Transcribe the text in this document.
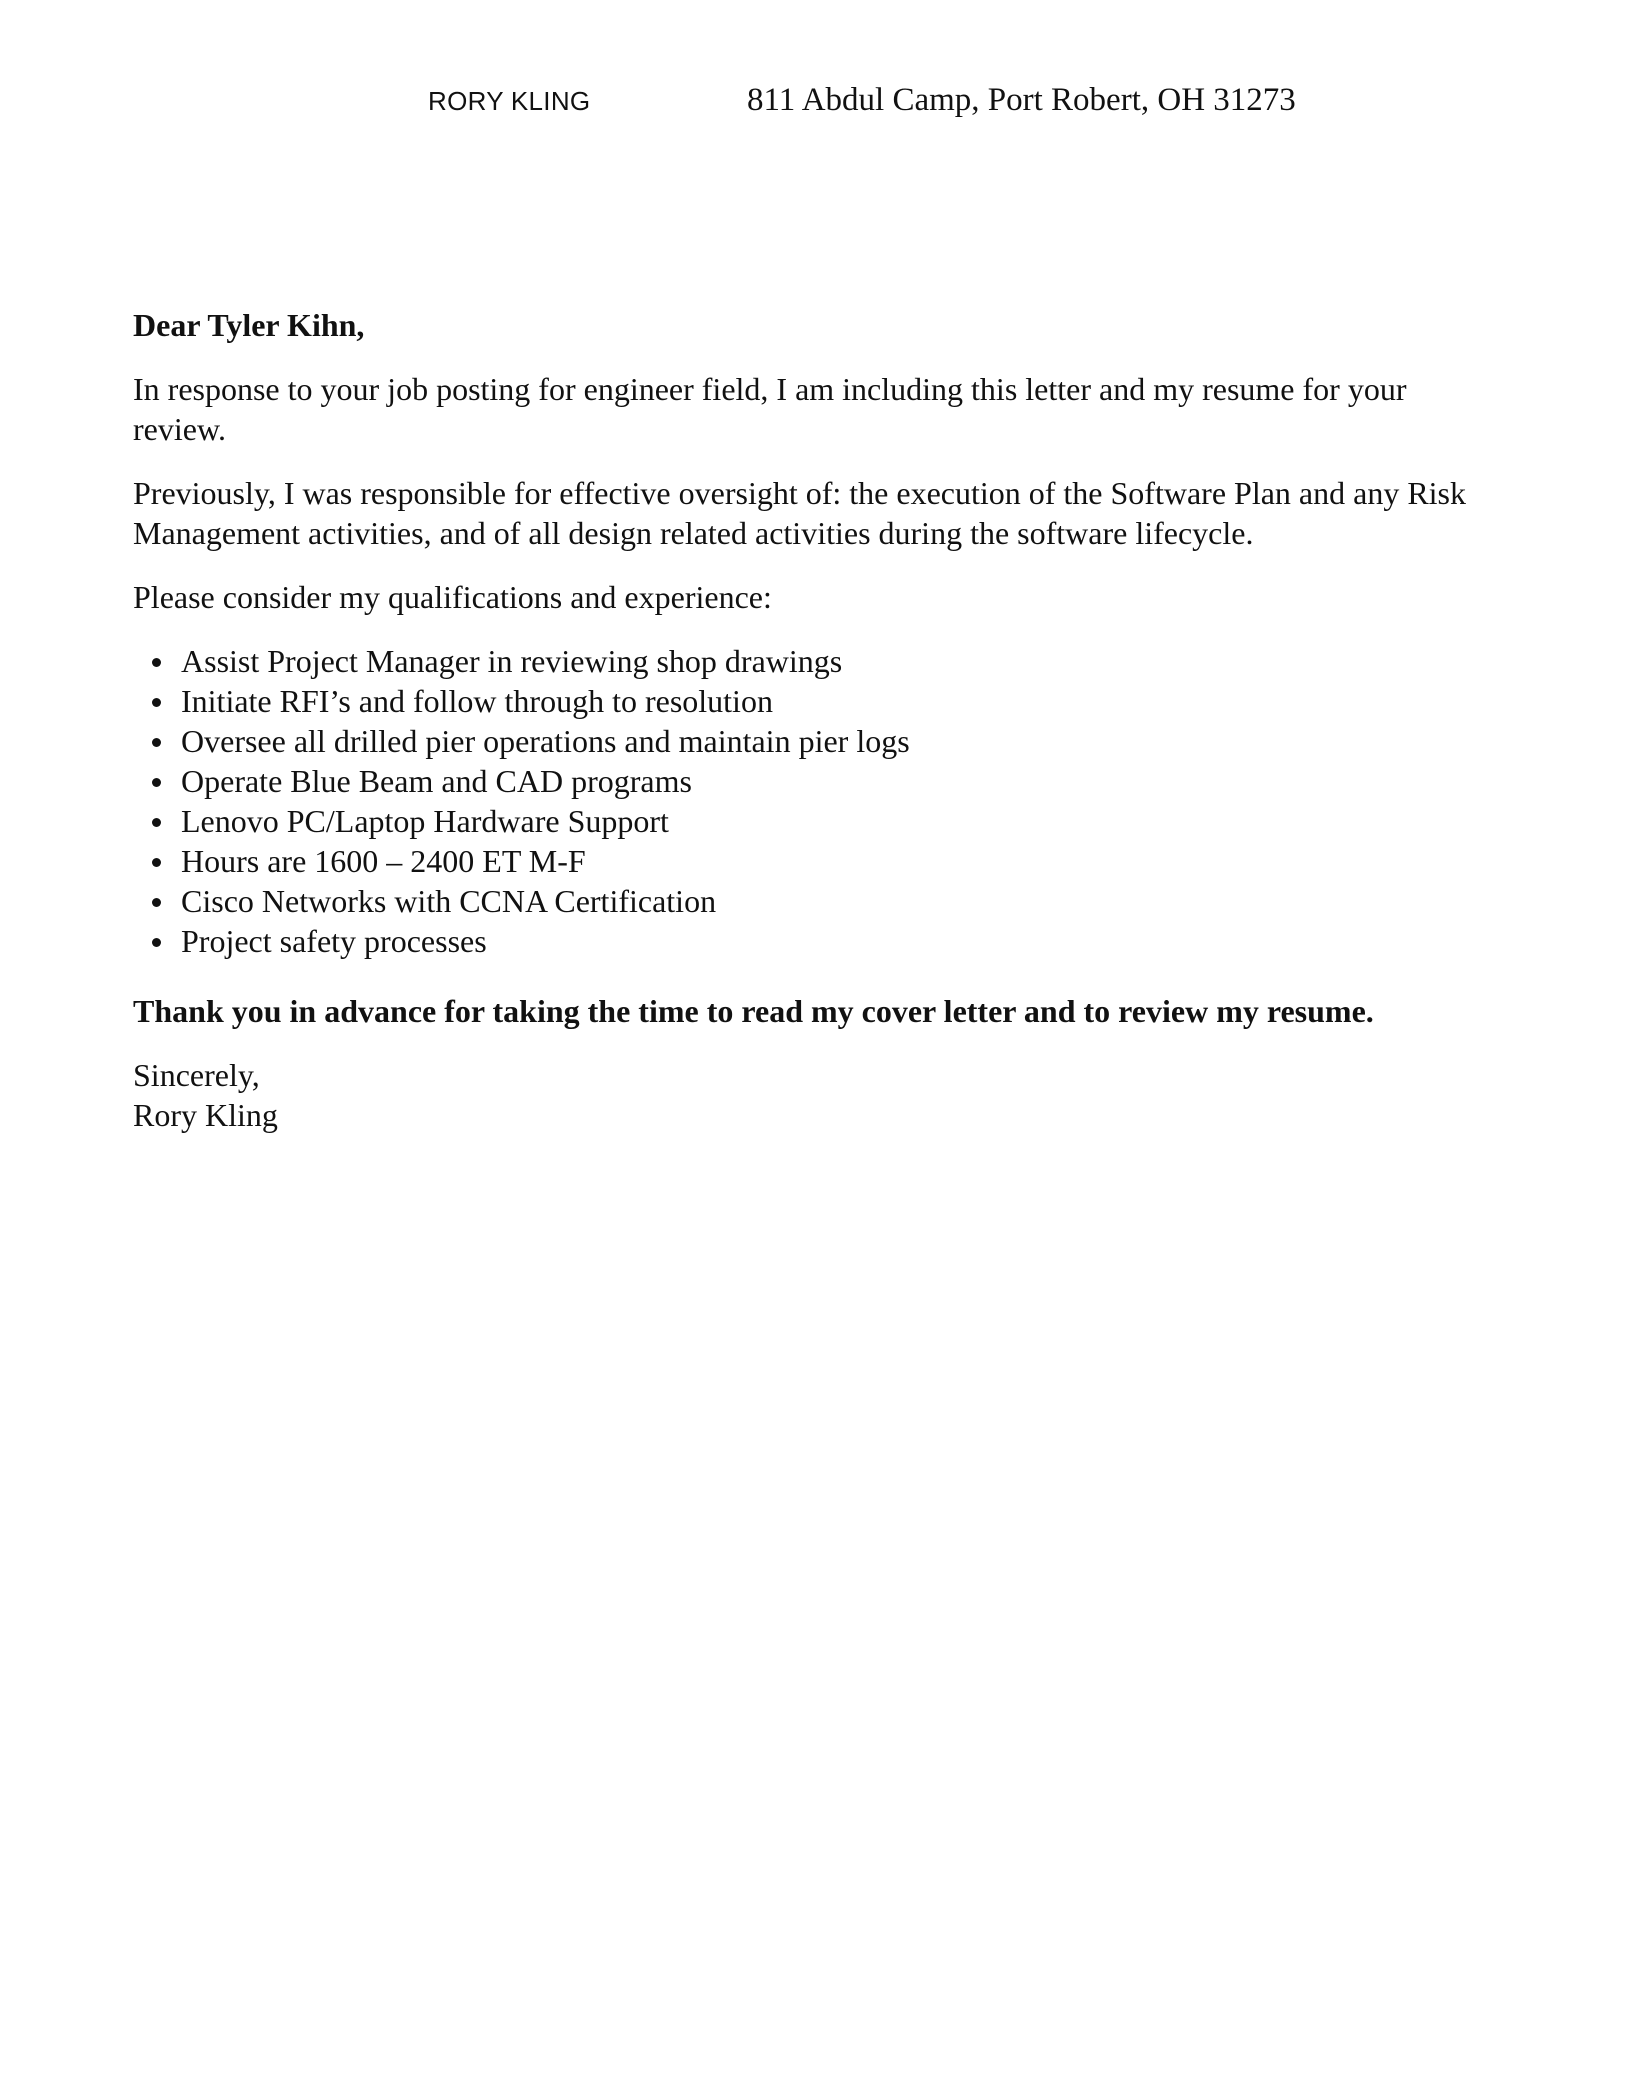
RORY KLING	811 Abdul Camp, Port Robert, OH 31273

Dear Tyler Kihn,

In response to your job posting for engineer field, I am including this letter and my resume for your review.

Previously, I was responsible for effective oversight of: the execution of the Software Plan and any Risk Management activities, and of all design related activities during the software lifecycle.

Please consider my qualifications and experience:

Assist Project Manager in reviewing shop drawings
Initiate RFI’s and follow through to resolution
Oversee all drilled pier operations and maintain pier logs
Operate Blue Beam and CAD programs
Lenovo PC/Laptop Hardware Support
Hours are 1600 – 2400 ET M-F
Cisco Networks with CCNA Certification
Project safety processes

Thank you in advance for taking the time to read my cover letter and to review my resume.

Sincerely,

Rory Kling
